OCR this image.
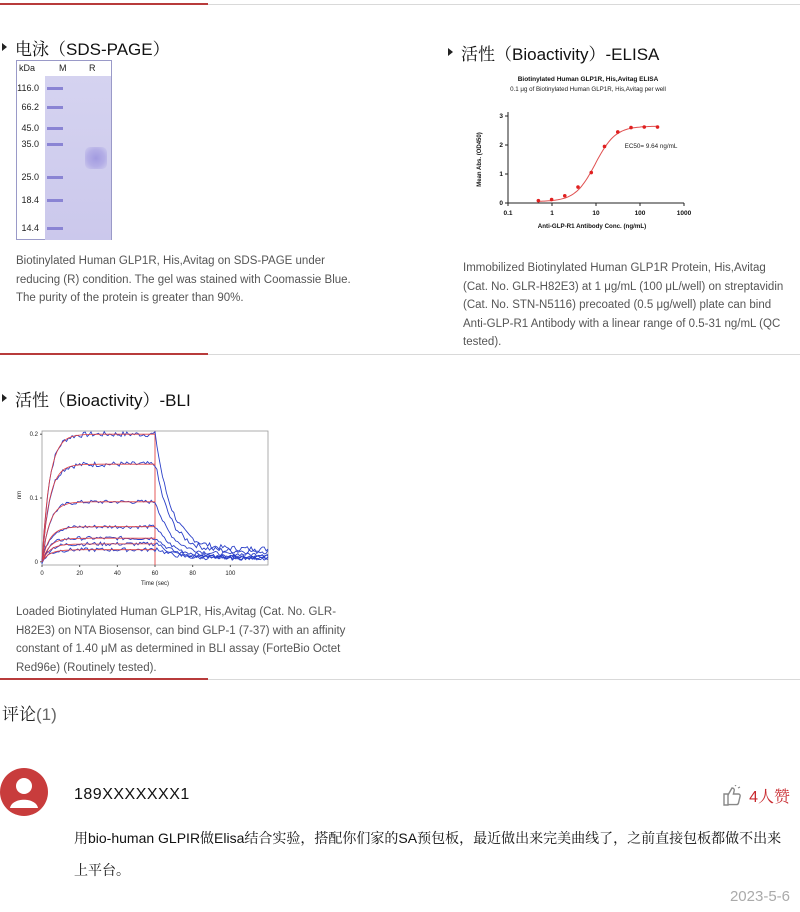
电泳（SDS-PAGE）
kDa	M	R
116.0
66.2
45.0
35.0
25.0
18.4
14.4
Biotinylated Human GLP1R, His,Avitag on SDS-PAGE under reducing (R) condition. The gel was stained with Coomassie Blue. The purity of the protein is greater than 90%.
活性（Bioactivity）-ELISA
Biotinylated Human GLP1R, His,Avitag ELISA
0.1 μg of Biotinylated Human GLP1R, His,Avitag per well
0
1
2
3
0.1	1	10	100	1000
Anti-GLP-R1 Antibody Conc. (ng/mL)
Mean Abs. (OD450)	EC50= 9.64 ng/mL
Immobilized Biotinylated Human GLP1R Protein, His,Avitag (Cat. No. GLR-H82E3) at 1 μg/mL (100 μL/well) on streptavidin (Cat. No. STN-N5116) precoated (0.5 μg/well) plate can bind Anti-GLP-R1 Antibody with a linear range of 0.5-31 ng/mL (QC tested).
活性（Bioactivity）-BLI
0
0.1
0.2
0	20	40	60	80	100
Time (sec)
nm
Loaded Biotinylated Human GLP1R, His,Avitag (Cat. No. GLR-H82E3) on NTA Biosensor, can bind GLP-1 (7-37) with an affinity constant of 1.40 μM as determined in BLI assay (ForteBio Octet Red96e) (Routinely tested).
评论(1)
189XXXXXXX1	4人赞
用bio-human GLPIR做Elisa结合实验，搭配你们家的SA预包板，最近做出来完美曲线了，之前直接包板都做不出来上平台。
2023-5-6
